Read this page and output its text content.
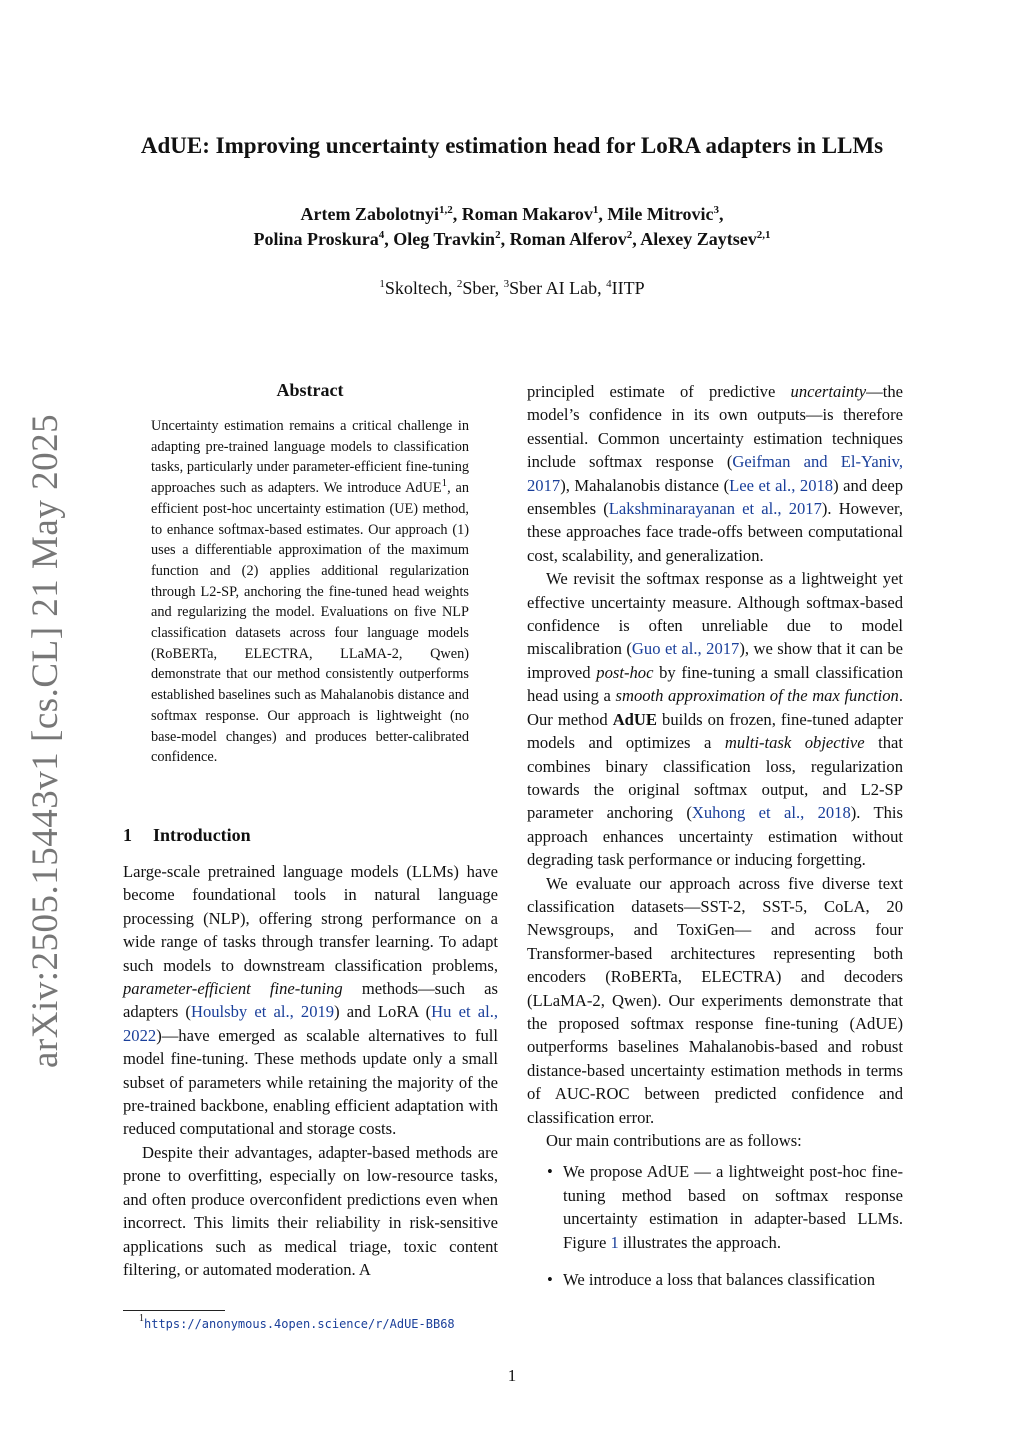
arXiv:2505.15443v1 [cs.CL] 21 May 2025
AdUE: Improving uncertainty estimation head for LoRA adapters in LLMs
Artem Zabolotnyi$^{1,2}$, Roman Makarov$^1$, Mile Mitrovic$^3$,
Polina Proskura$^4$, Oleg Travkin$^2$, Roman Alferov$^2$, Alexey Zaytsev$^{2,1}$
$^1$Skoltech, $^2$Sber, $^3$Sber AI Lab, $^4$IITP
Abstract
Uncertainty estimation remains a critical challenge in adapting pre-trained language models to classification tasks, particularly under parameter-efficient fine-tuning approaches such as adapters. We introduce AdUE$^1$, an efficient post-hoc uncertainty estimation (UE) method, to enhance softmax-based estimates. Our approach (1) uses a differentiable approximation of the maximum function and (2) applies additional regularization through L2-SP, anchoring the fine-tuned head weights and regularizing the model. Evaluations on five NLP classification datasets across four language models (RoBERTa, ELECTRA, LLaMA-2, Qwen) demonstrate that our method consistently outperforms established baselines such as Mahalanobis distance and softmax response. Our approach is lightweight (no base-model changes) and produces better-calibrated confidence.
1 Introduction

Large-scale pretrained language models (LLMs) have become foundational tools in natural language processing (NLP), offering strong performance on a wide range of tasks through transfer learning. To adapt such models to downstream classification problems, parameter-efficient fine-tuning methods—such as adapters (Houlsby et al., 2019) and LoRA (Hu et al., 2022)—have emerged as scalable alternatives to full model fine-tuning. These methods update only a small subset of parameters while retaining the majority of the pre-trained backbone, enabling efficient adaptation with reduced computational and storage costs.

Despite their advantages, adapter-based methods are prone to overfitting, especially on low-resource tasks, and often produce overconfident predictions even when incorrect. This limits their reliability in risk-sensitive applications such as medical triage, toxic content filtering, or automated moderation. A

principled estimate of predictive uncertainty—the model’s confidence in its own outputs—is therefore essential. Common uncertainty estimation techniques include softmax response (Geifman and El-Yaniv, 2017), Mahalanobis distance (Lee et al., 2018) and deep ensembles (Lakshminarayanan et al., 2017). However, these approaches face trade-offs between computational cost, scalability, and generalization.

We revisit the softmax response as a lightweight yet effective uncertainty measure. Although softmax-based confidence is often unreliable due to model miscalibration (Guo et al., 2017), we show that it can be improved post-hoc by fine-tuning a small classification head using a smooth approximation of the max function. Our method AdUE builds on frozen, fine-tuned adapter models and optimizes a multi-task objective that combines binary classification loss, regularization towards the original softmax output, and L2-SP parameter anchoring (Xuhong et al., 2018). This approach enhances uncertainty estimation without degrading task performance or inducing forgetting.

We evaluate our approach across five diverse text classification datasets—SST-2, SST-5, CoLA, 20 Newsgroups, and ToxiGen— and across four Transformer-based architectures representing both encoders (RoBERTa, ELECTRA) and decoders (LLaMA-2, Qwen). Our experiments demonstrate that the proposed softmax response fine-tuning (AdUE) outperforms baselines Mahalanobis-based and robust distance-based uncertainty estimation methods in terms of AUC-ROC between predicted confidence and classification error.

Our main contributions are as follows:

• We propose AdUE — a lightweight post-hoc fine-tuning method based on softmax response uncertainty estimation in adapter-based LLMs. Figure 1 illustrates the approach.
• We introduce a loss that balances classification
1 https://anonymous.4open.science/r/AdUE-BB68
1
